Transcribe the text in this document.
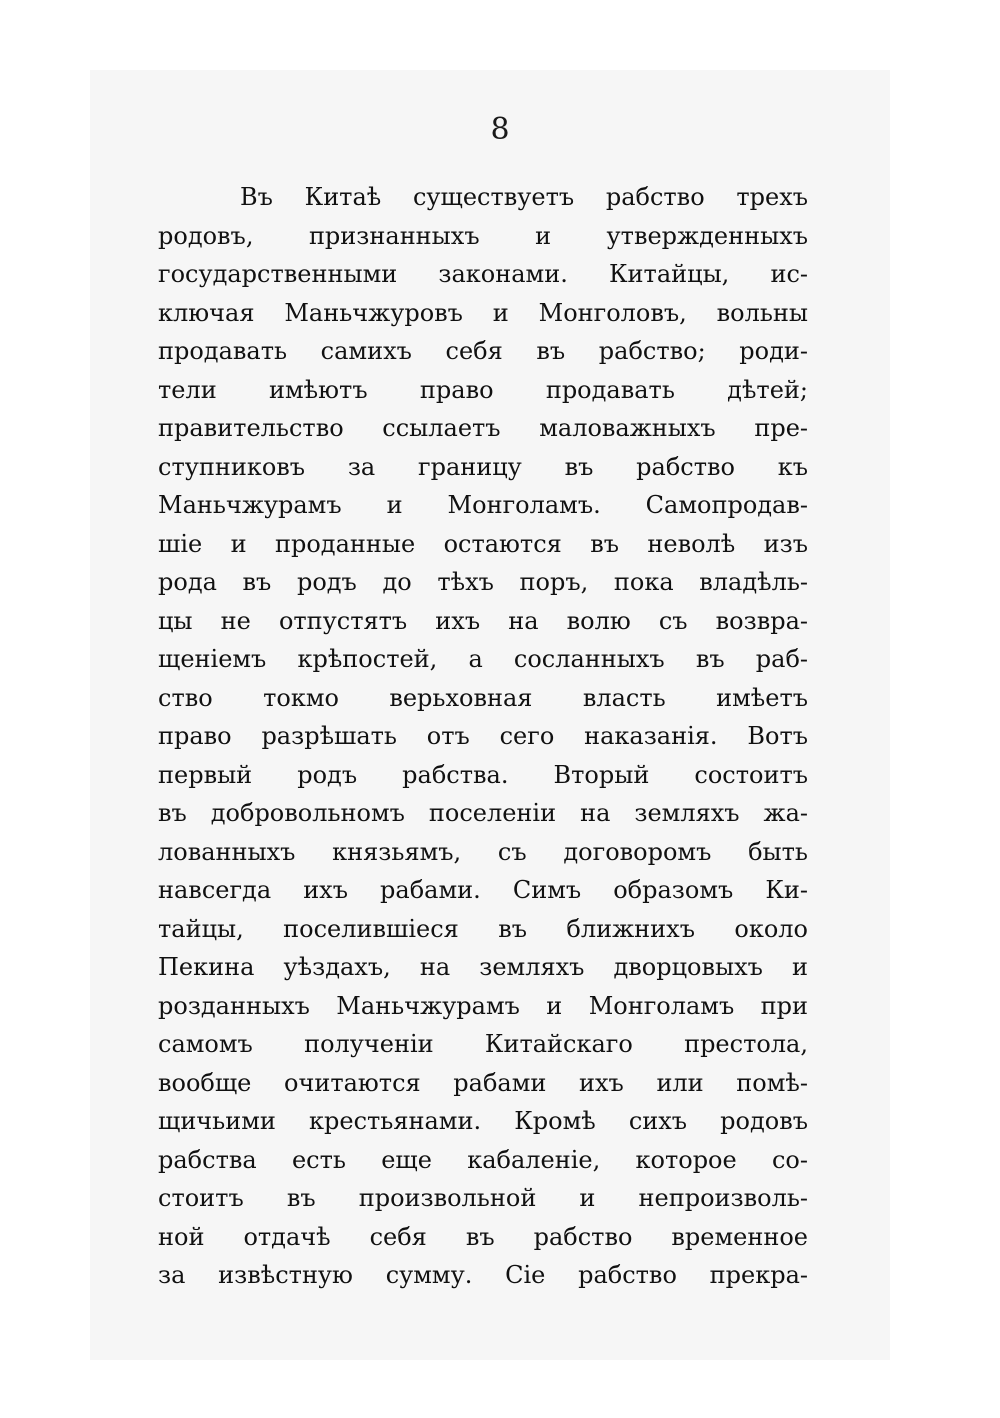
8

Въ Китаѣ существуетъ рабство трехъ
родовъ, признанныхъ и утвержденныхъ
государственными законами. Китайцы, ис-
ключая Маньчжуровъ и Монголовъ, вольны
продавать самихъ себя въ рабство; роди-
тели имѣютъ право продавать дѣтей;
правительство ссылаетъ маловажныхъ пре-
ступниковъ за границу въ рабство къ
Маньчжурамъ и Монголамъ. Самопродав-
шіе и проданные остаются въ неволѣ изъ
рода въ родъ до тѣхъ поръ, пока владѣль-
цы не отпустятъ ихъ на волю съ возвра-
щеніемъ крѣпостей, а сосланныхъ въ раб-
ство токмо верьховная власть имѣетъ
право разрѣшать отъ сего наказанія. Вотъ
первый родъ рабства. Вторый состоитъ
въ добровольномъ поселеніи на земляхъ жа-
лованныхъ князьямъ, съ договоромъ быть
навсегда ихъ рабами. Симъ образомъ Ки-
тайцы, поселившіеся въ ближнихъ около
Пекина уѣздахъ, на земляхъ дворцовыхъ и
розданныхъ Маньчжурамъ и Монголамъ при
самомъ полученіи Китайскаго престола,
вообще очитаются рабами ихъ или помѣ-
щичьими крестьянами. Кромѣ сихъ родовъ
рабства есть еще кабаленіе, которое со-
стоитъ въ произвольной и непроизволь-
ной отдачѣ себя въ рабство временное
за извѣстную сумму. Сіе рабство прекра-
